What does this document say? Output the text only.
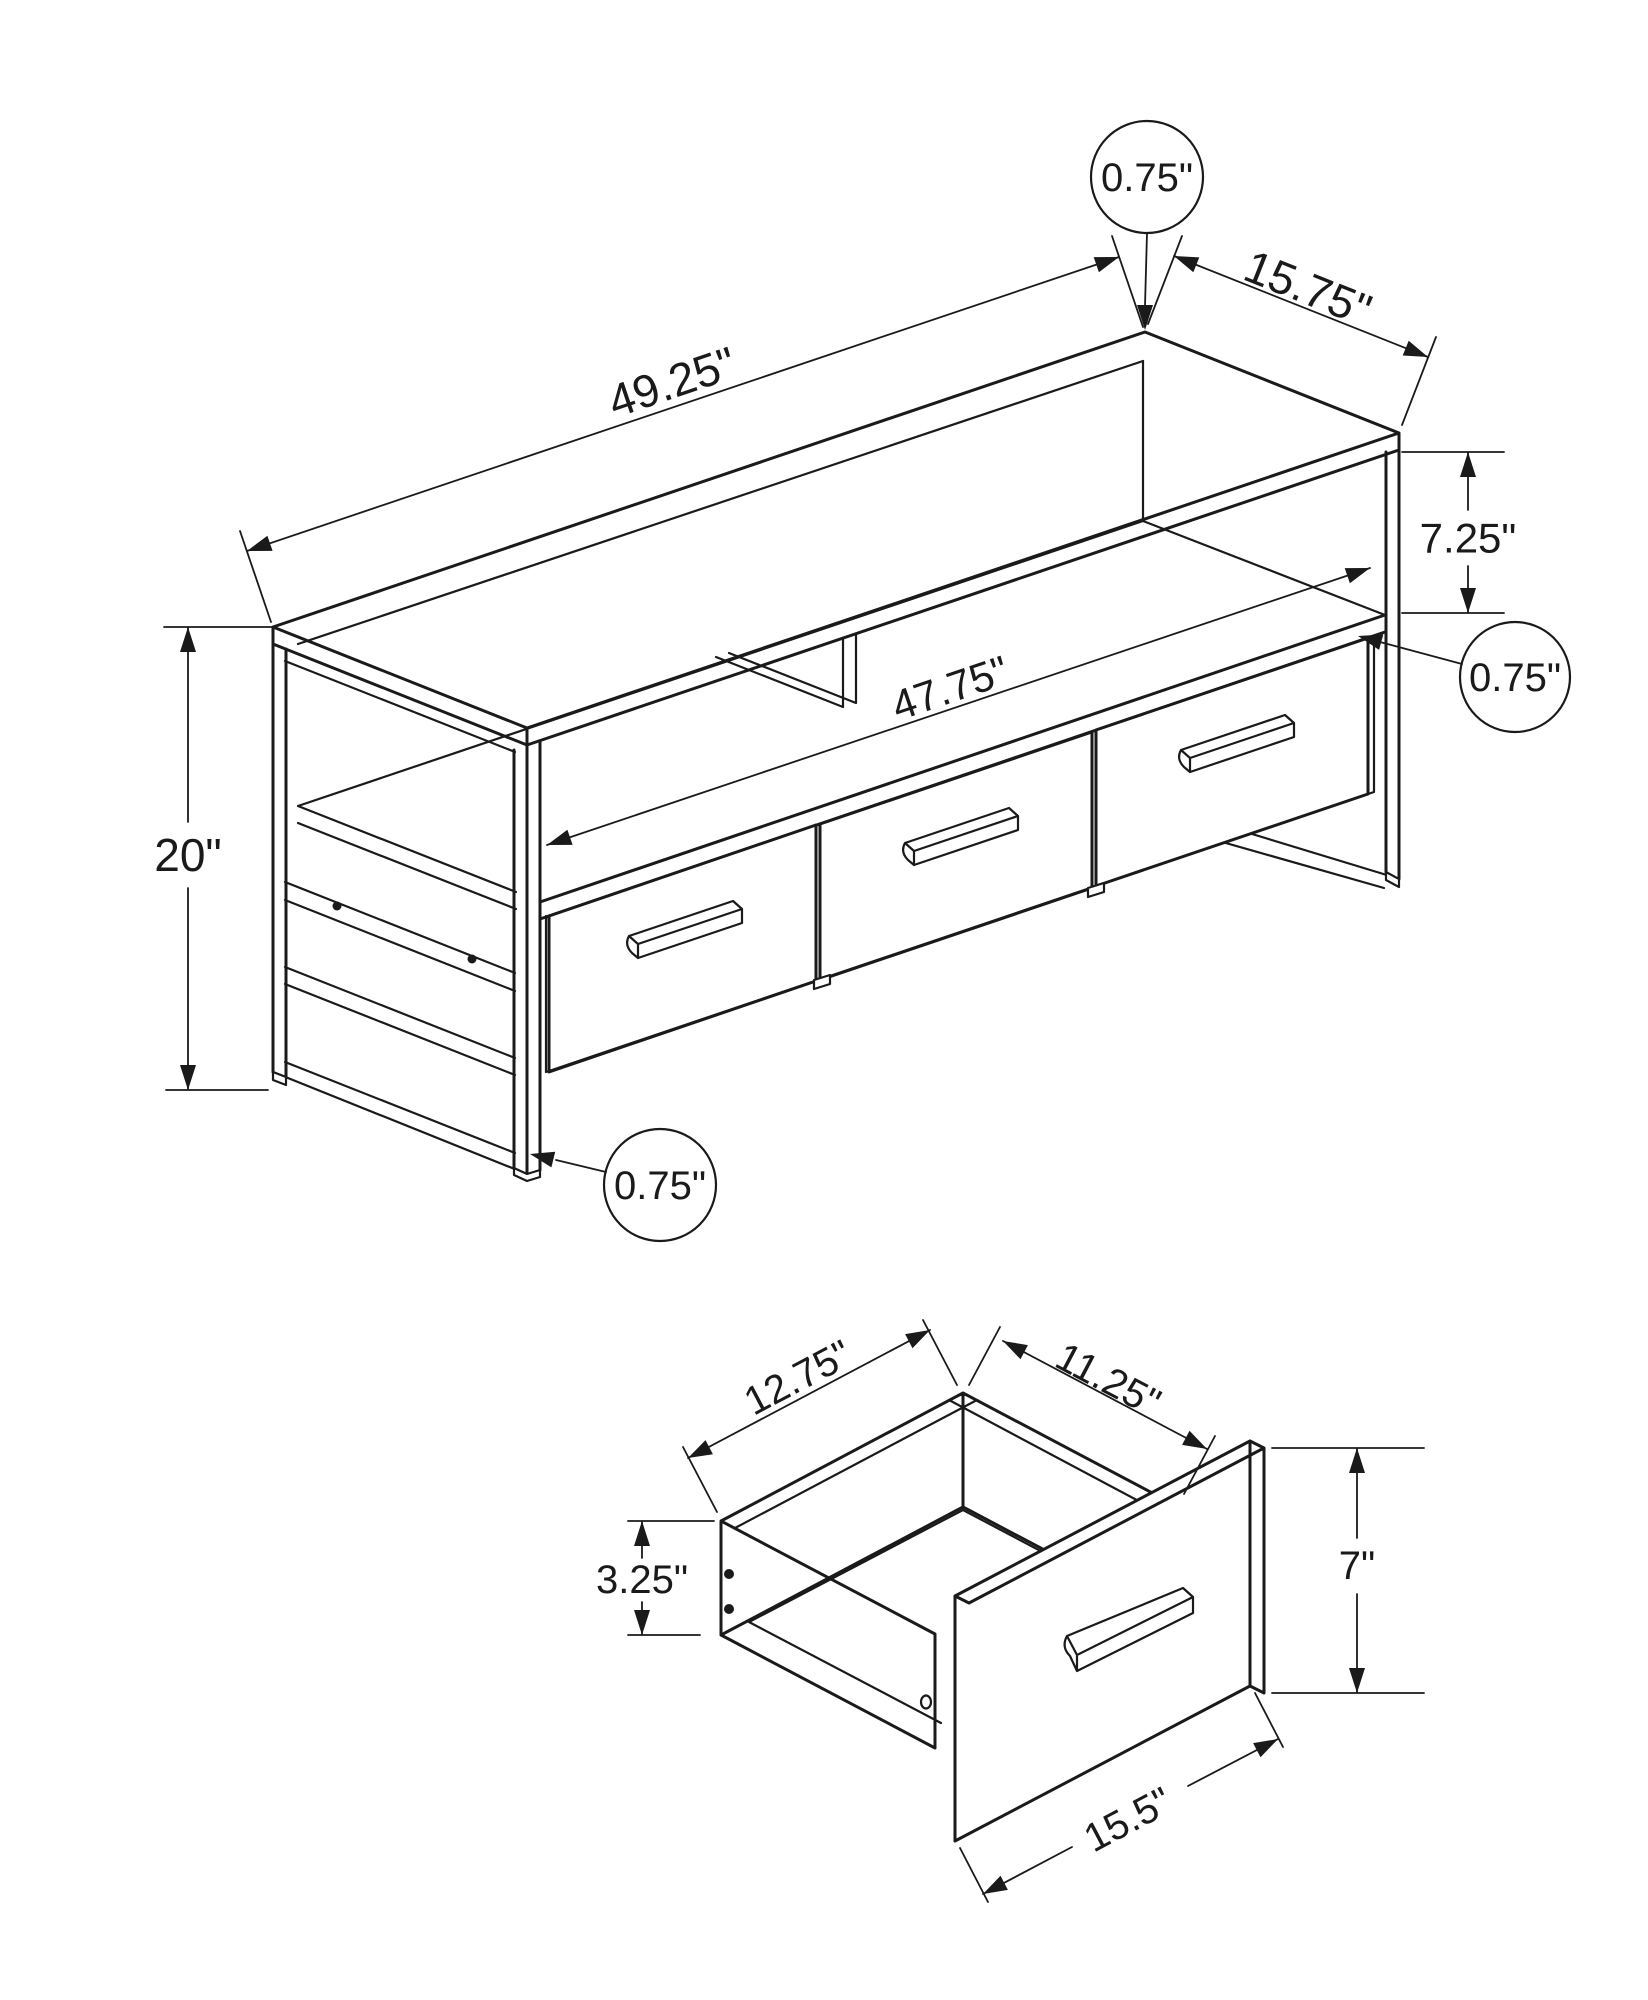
49.25"
15.75"
0.75"
7.25"
0.75"
47.75"
20"
0.75"
12.75"	11.25"
3.25"	7"
15.5"
